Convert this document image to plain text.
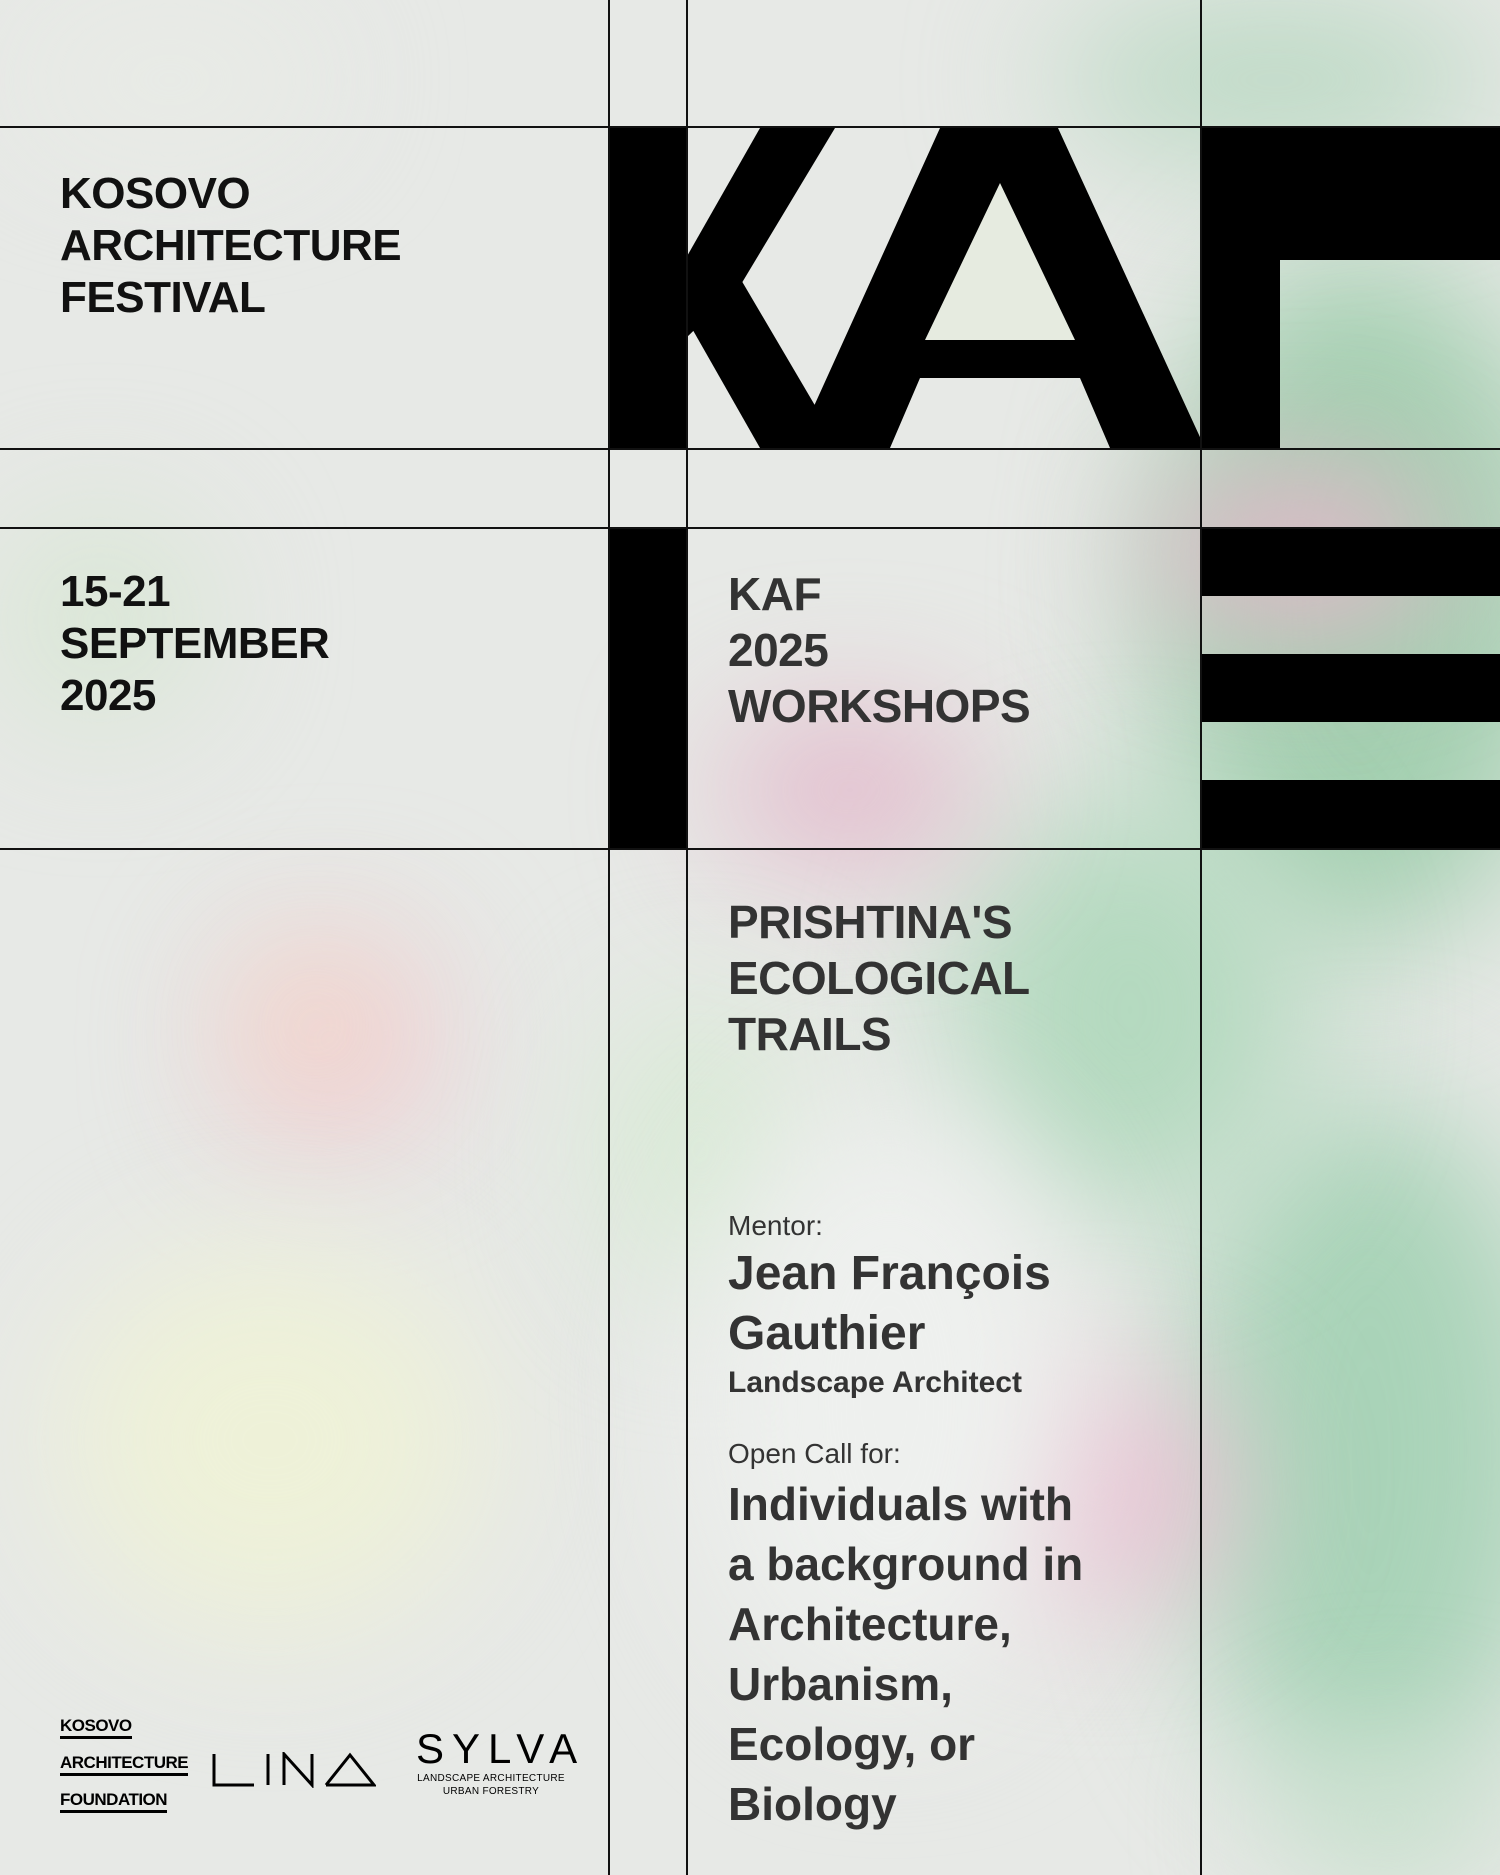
KOSOVO
ARCHITECTURE
FESTIVAL
15-21
SEPTEMBER
2025
KAF
2025
WORKSHOPS
PRISHTINA'S
ECOLOGICAL
TRAILS
Mentor:
Jean François
Gauthier
Landscape Architect
Open Call for:
Individuals with
a background in
Architecture,
Urbanism,
Ecology, or
Biology
KOSOVO
ARCHITECTURE
FOUNDATION
SYLVA
LANDSCAPE ARCHITECTURE
URBAN FORESTRY
